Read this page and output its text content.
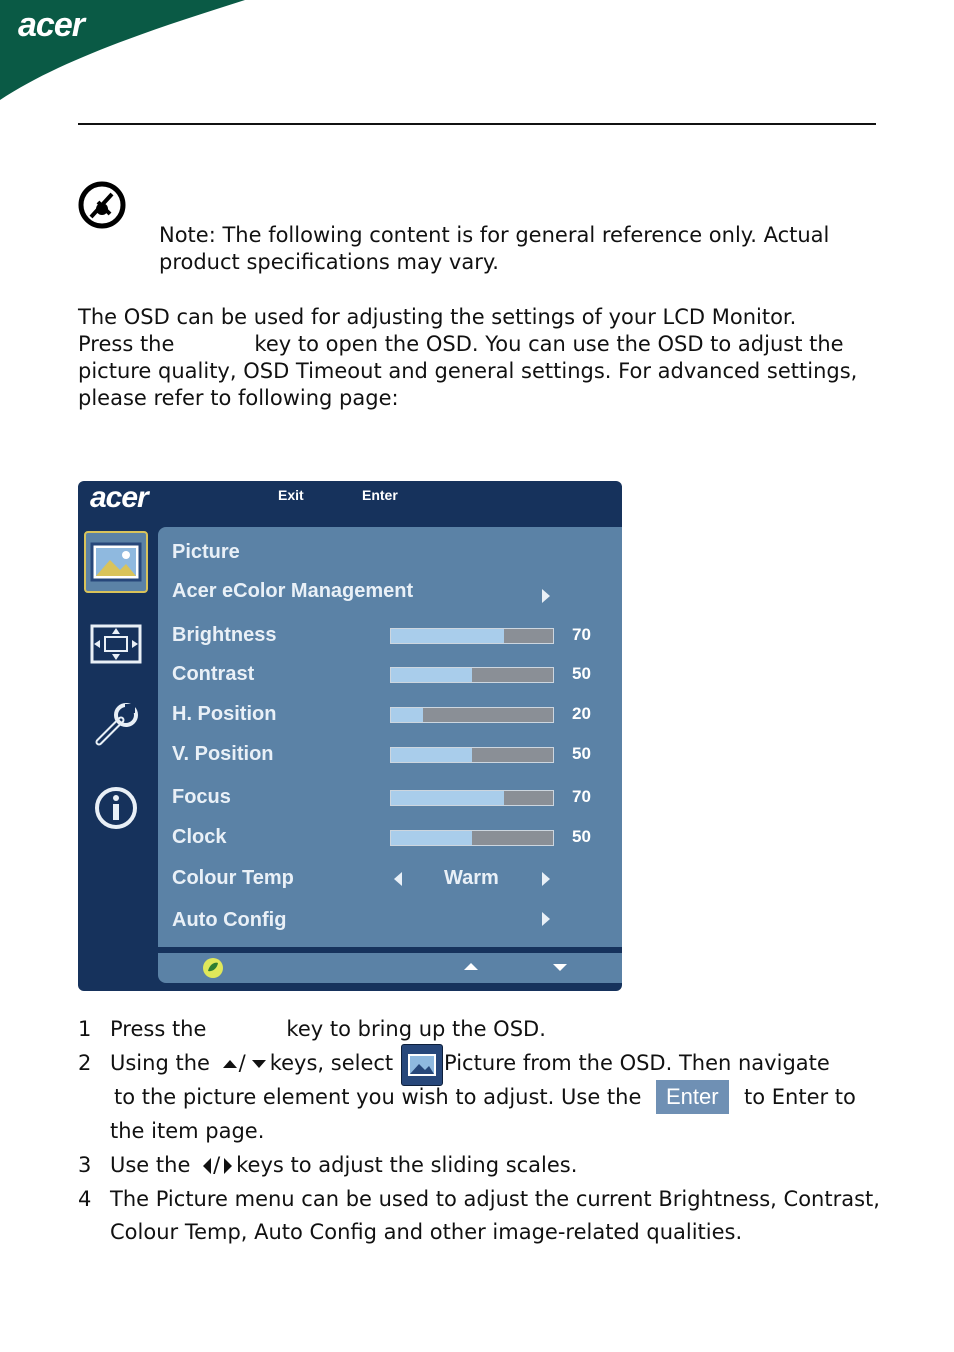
acer
Note: The following content is for general reference only. Actual product specifications may vary.

The OSD can be used for adjusting the settings of your LCD Monitor.

Press the	key to open the OSD. You can use the OSD to adjust the

picture quality, OSD Timeout and general settings. For advanced settings,

please refer to following page:

acer
Picture
Acer eColor Management
Colour Temp	Warm
Auto Config
Exit	Enter
Brightness	70
Contrast	50
H. Position	20
V. Position	50
Focus	70
Clock	50
1 Press the	key to bring up the OSD.
2 Using the / keys, select Picture from the OSD. Then navigate
to the picture element you wish to adjust. Use the	Enter	to Enter to
the item page.
3 Use the / keys to adjust the sliding scales.
4 The Picture menu can be used to adjust the current Brightness, Contrast,
Colour Temp, Auto Config and other image-related qualities.
